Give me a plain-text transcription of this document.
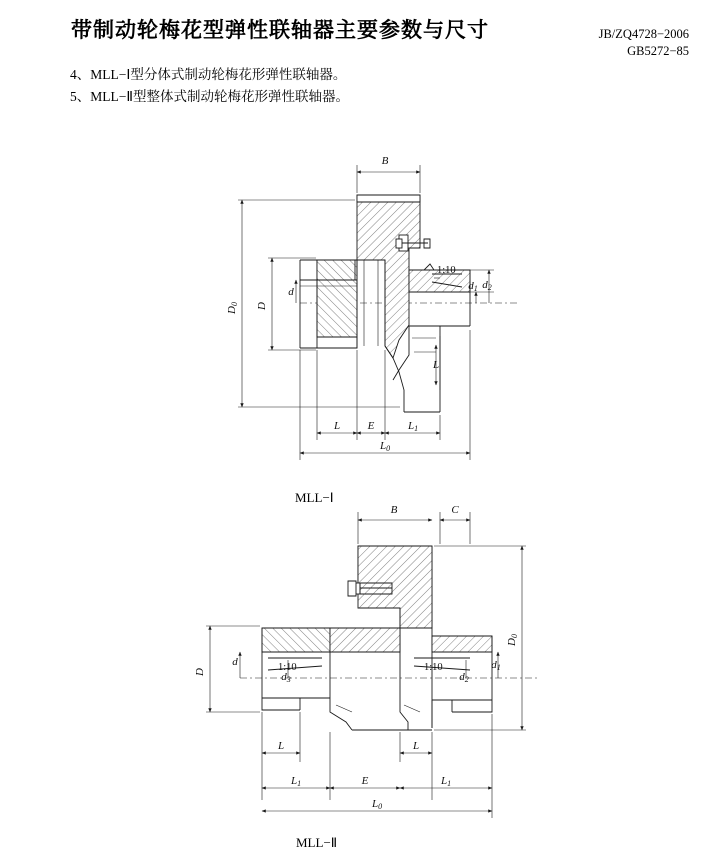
带制动轮梅花型弹性联轴器主要参数与尺寸	JB/ZQ4728−2006
GB5272−85
4、MLL−Ⅰ型分体式制动轮梅花形弹性联轴器。
5、MLL−Ⅱ型整体式制动轮梅花形弹性联轴器。
1:10
B
D0 D
d	d1 d2
L
L	E	L1
L0
MLL−Ⅰ
1:10	1:10
C
B
D
d
d3	d2
d1
D0
L	L
L1	E	L1
L0
MLL−Ⅱ
